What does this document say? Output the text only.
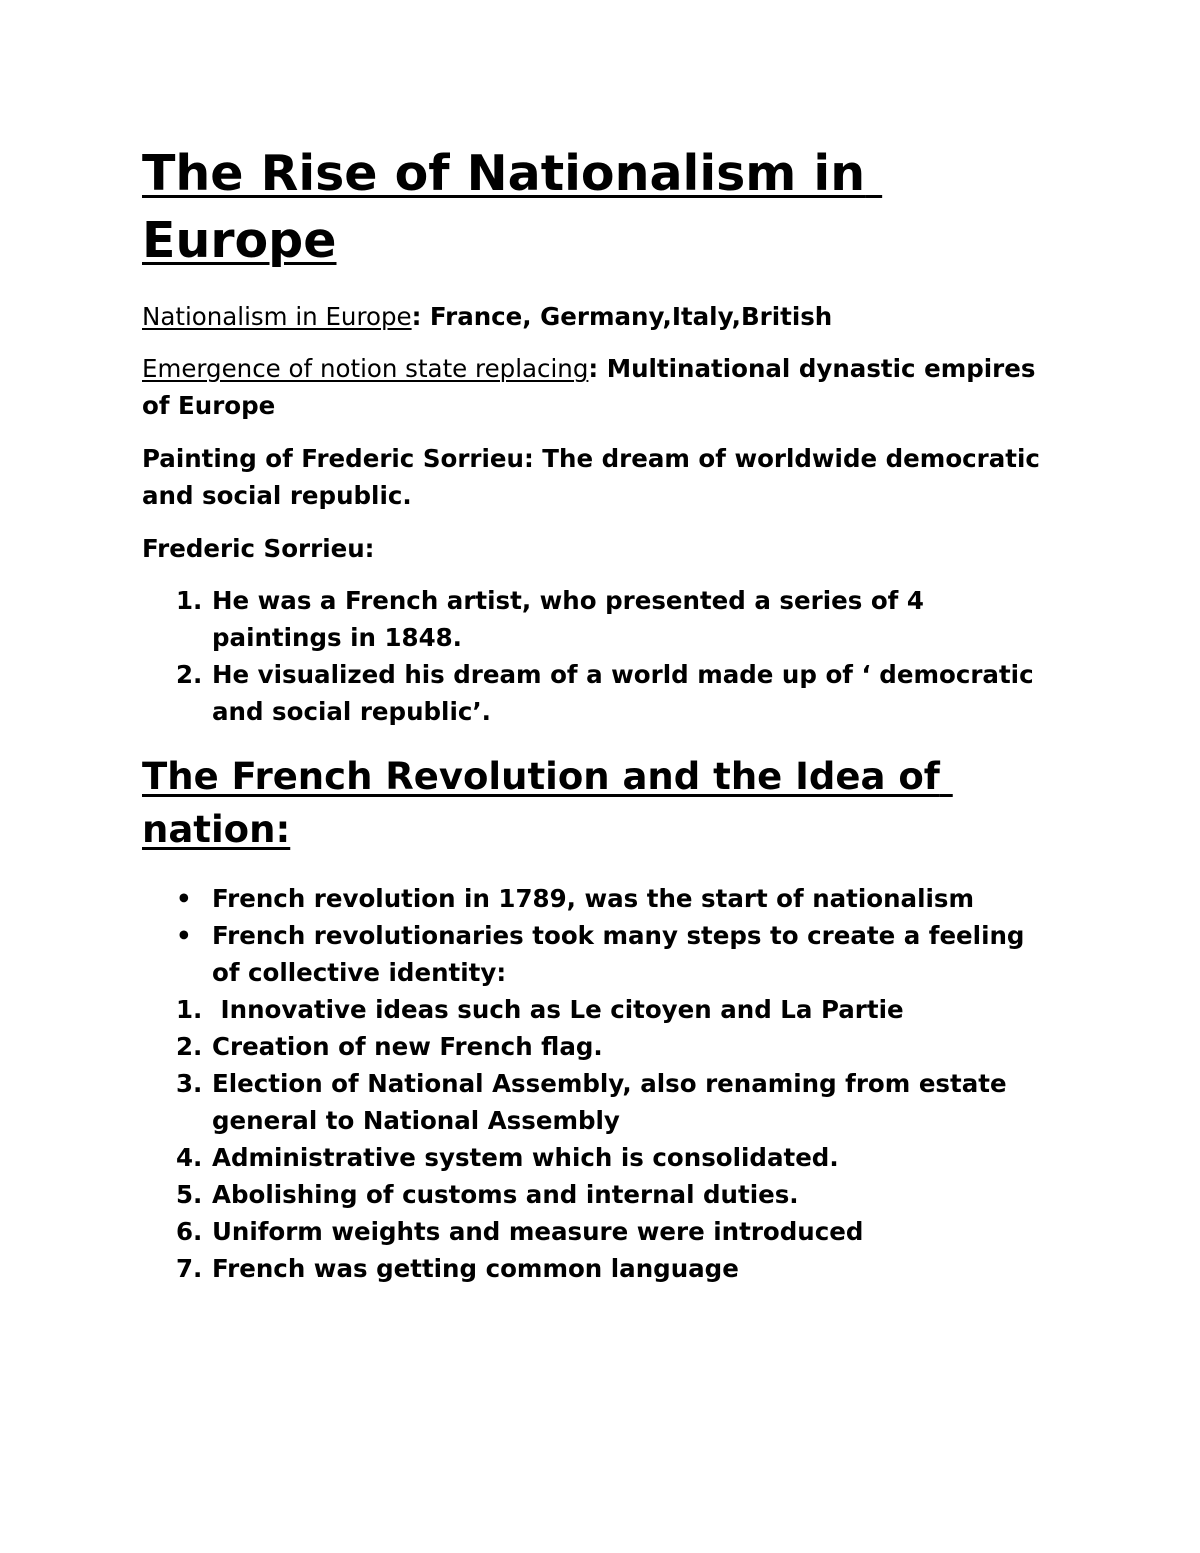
The Rise of Nationalism in Europe

Nationalism in Europe: France, Germany,Italy,British

Emergence of notion state replacing: Multinational dynastic empires of Europe

Painting of Frederic Sorrieu: The dream of worldwide democratic and social republic.

Frederic Sorrieu:

1. He was a French artist, who presented a series of 4 paintings in 1848.
2. He visualized his dream of a world made up of ‘ democratic and social republic’.
The French Revolution and the Idea of nation:
• French revolution in 1789, was the start of nationalism
• French revolutionaries took many steps to create a feeling of collective identity:
1. Innovative ideas such as Le citoyen and La Partie
2. Creation of new French flag.
3. Election of National Assembly, also renaming from estate general to National Assembly
4. Administrative system which is consolidated.
5. Abolishing of customs and internal duties.
6. Uniform weights and measure were introduced
7. French was getting common language
